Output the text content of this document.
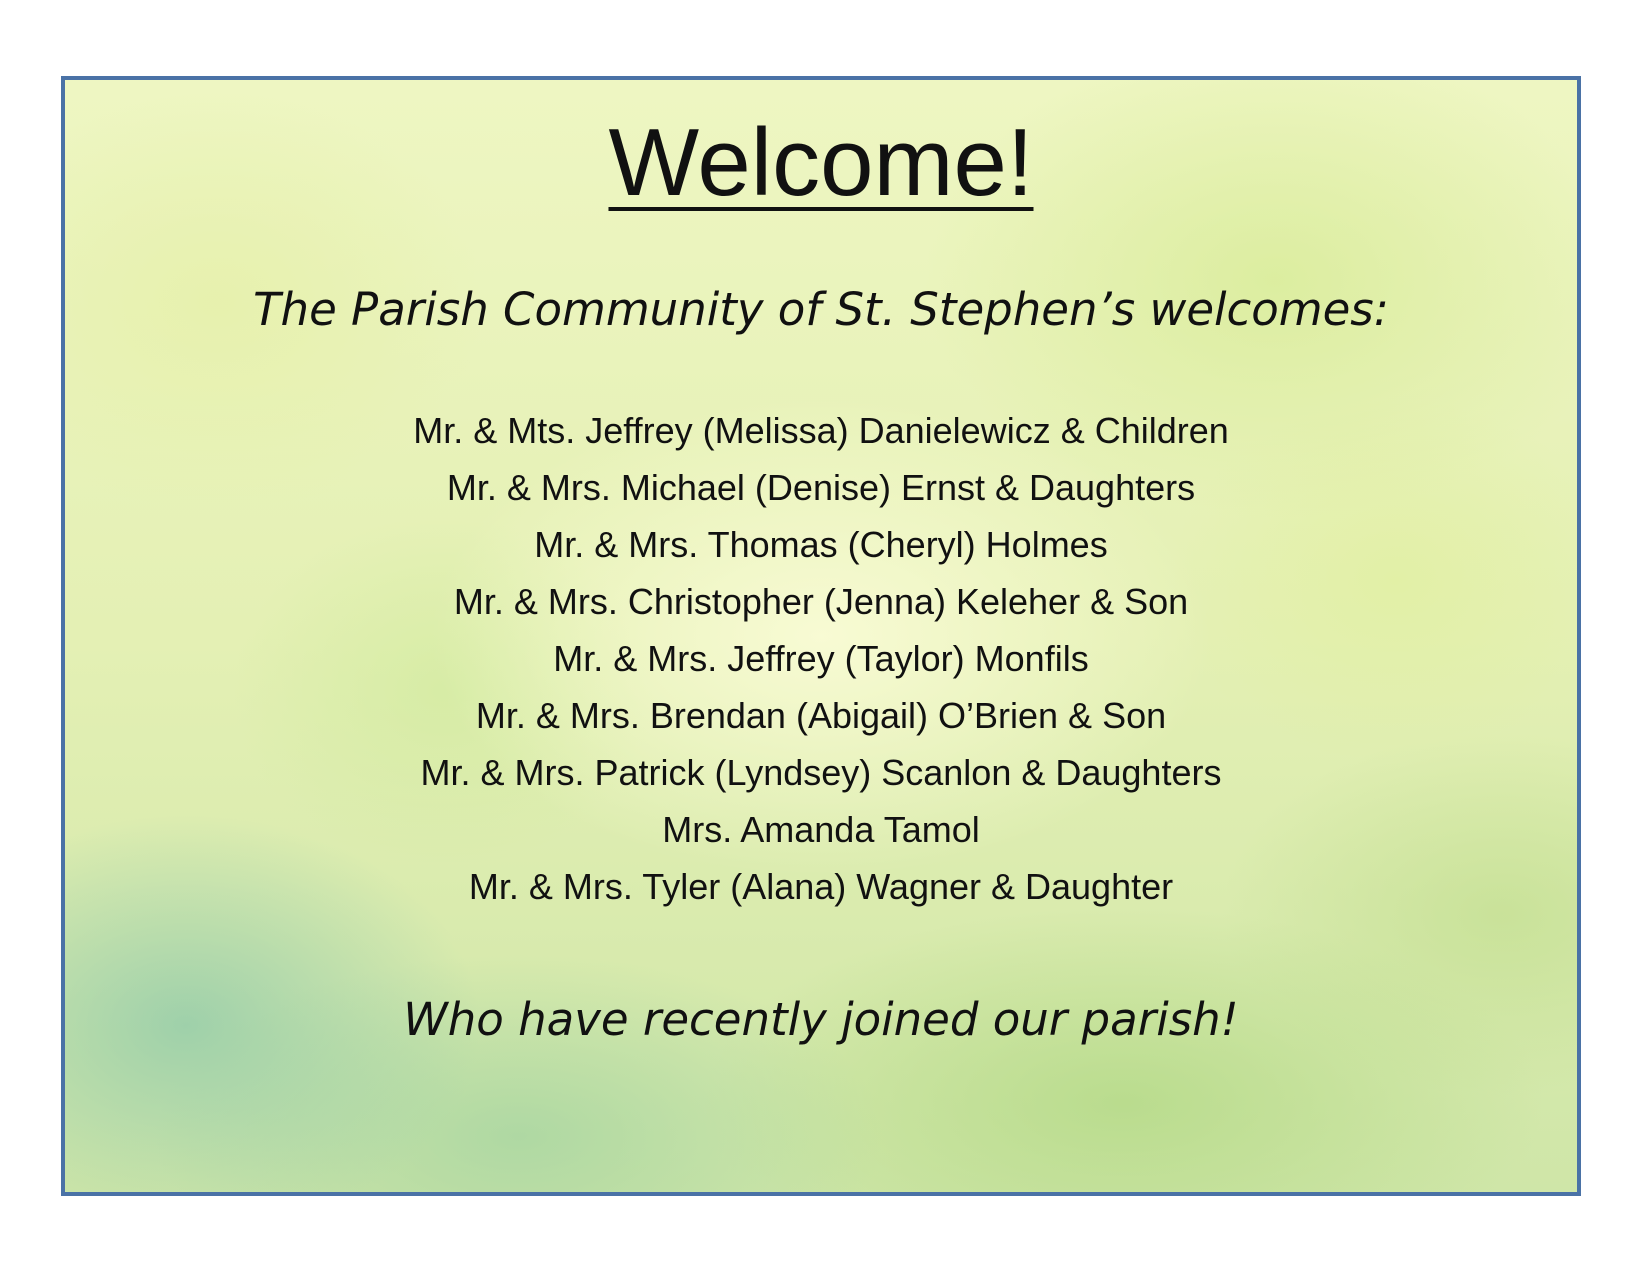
Welcome!

The Parish Community of St. Stephen’s welcomes:

Mr. & Mts. Jeffrey (Melissa) Danielewicz & Children
Mr. & Mrs. Michael (Denise) Ernst & Daughters
Mr. & Mrs. Thomas (Cheryl) Holmes
Mr. & Mrs. Christopher (Jenna) Keleher & Son
Mr. & Mrs. Jeffrey (Taylor) Monfils
Mr. & Mrs. Brendan (Abigail) O’Brien & Son
Mr. & Mrs. Patrick (Lyndsey) Scanlon & Daughters
Mrs. Amanda Tamol
Mr. & Mrs. Tyler (Alana) Wagner & Daughter

Who have recently joined our parish!
